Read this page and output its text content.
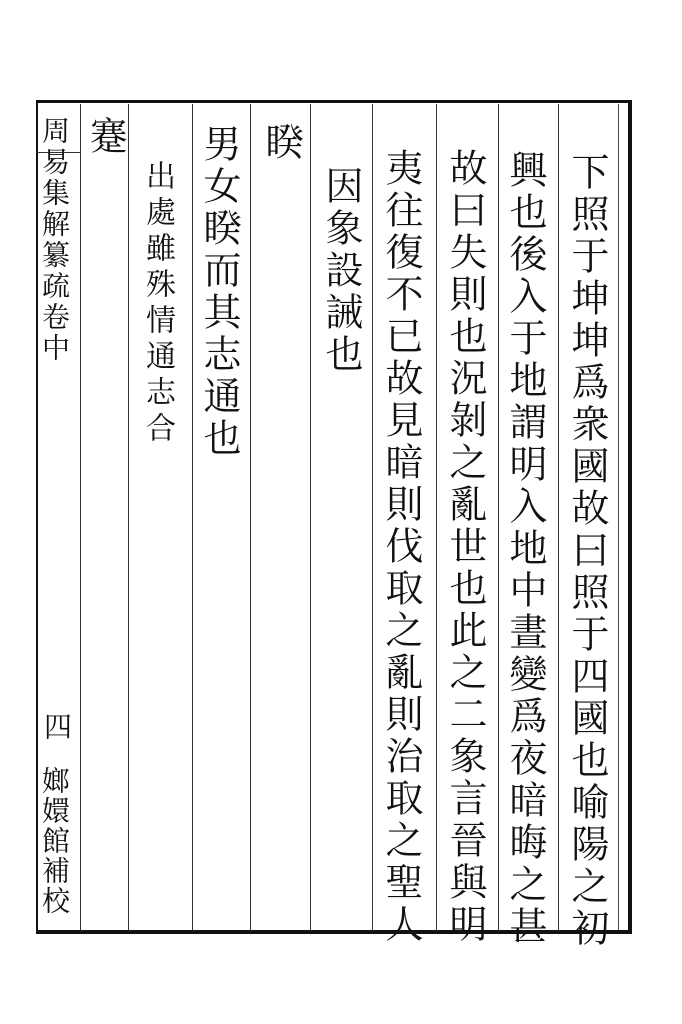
下照于坤坤爲衆國故曰照于四國也喻陽之初
興也後入于地謂明入地中晝變爲夜暗晦之甚
故曰失則也況剝之亂世也此之二象言晉與明
夷往復不已故見暗則伐取之亂則治取之聖人
因象設誡也
睽
男女睽而其志通也
出處雖殊情通志合
蹇
周易集解纂疏卷中
四
嫏嬛館補校
